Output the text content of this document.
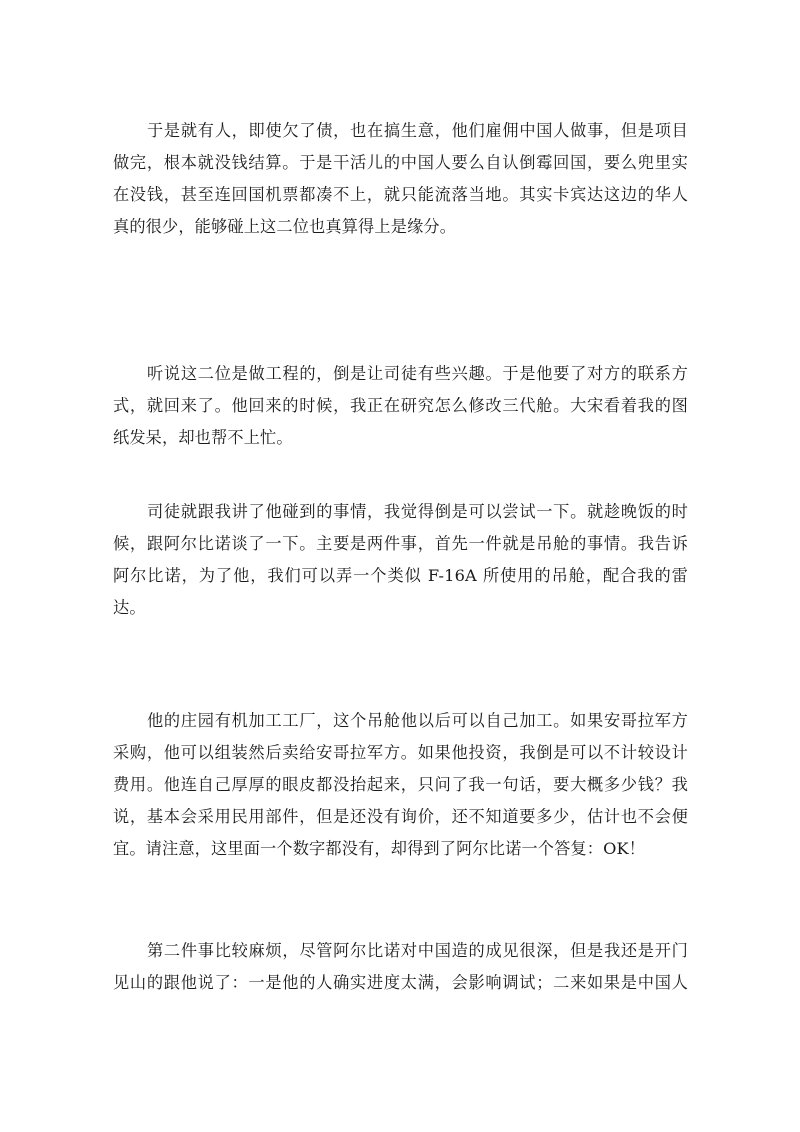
于是就有人，即使欠了债，也在搞生意，他们雇佣中国人做事，但是项目
做完，根本就没钱结算。于是干活儿的中国人要么自认倒霉回国，要么兜里实
在没钱，甚至连回国机票都凑不上，就只能流落当地。其实卡宾达这边的华人
真的很少，能够碰上这二位也真算得上是缘分。

听说这二位是做工程的，倒是让司徒有些兴趣。于是他要了对方的联系方
式，就回来了。他回来的时候，我正在研究怎么修改三代舱。大宋看着我的图
纸发呆，却也帮不上忙。

司徒就跟我讲了他碰到的事情，我觉得倒是可以尝试一下。就趁晚饭的时
候，跟阿尔比诺谈了一下。主要是两件事，首先一件就是吊舱的事情。我告诉
阿尔比诺，为了他，我们可以弄一个类似 F-16A 所使用的吊舱，配合我的雷
达。

他的庄园有机加工工厂，这个吊舱他以后可以自己加工。如果安哥拉军方
采购，他可以组装然后卖给安哥拉军方。如果他投资，我倒是可以不计较设计
费用。他连自己厚厚的眼皮都没抬起来，只问了我一句话，要大概多少钱？我
说，基本会采用民用部件，但是还没有询价，还不知道要多少，估计也不会便
宜。请注意，这里面一个数字都没有，却得到了阿尔比诺一个答复：OK！

第二件事比较麻烦，尽管阿尔比诺对中国造的成见很深，但是我还是开门
见山的跟他说了：一是他的人确实进度太满，会影响调试；二来如果是中国人
